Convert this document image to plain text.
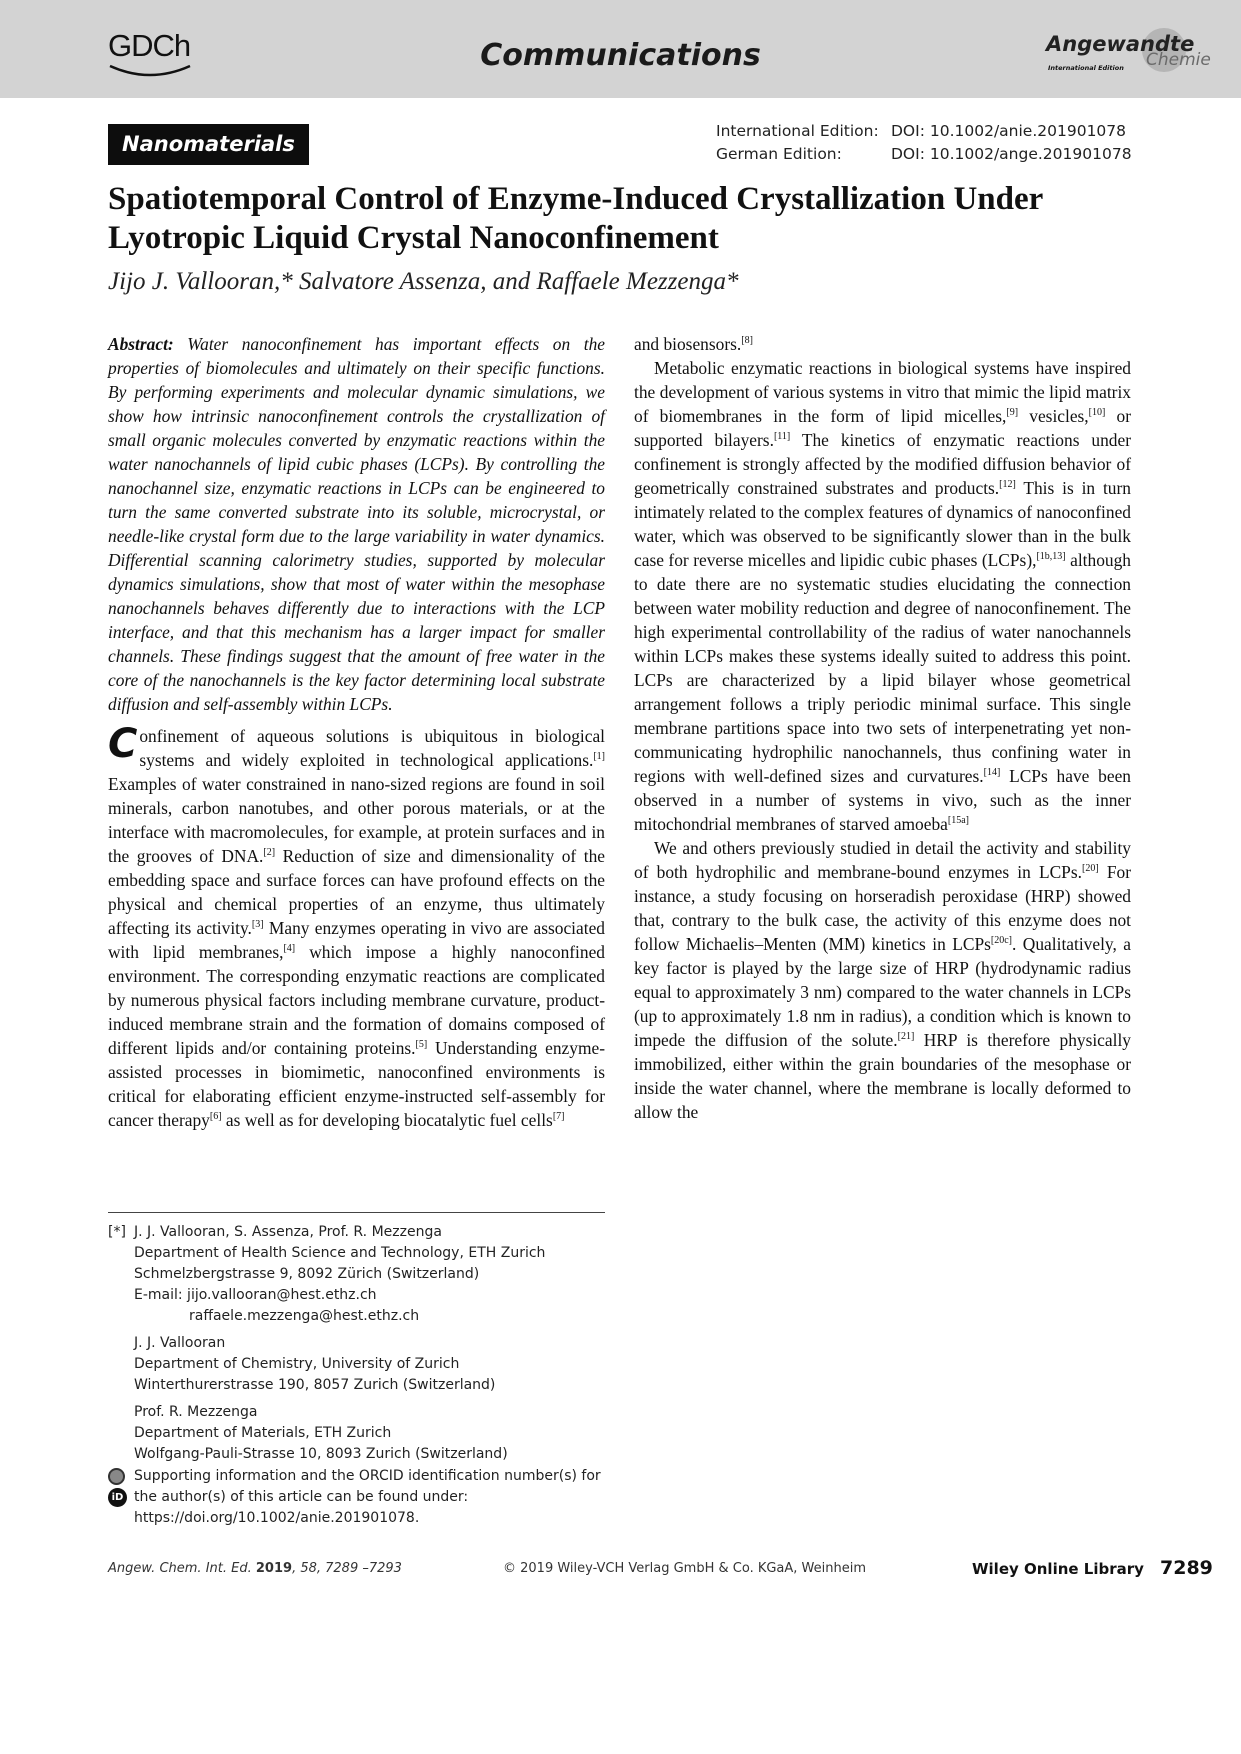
GDCh	Communications	Angewandte
Chemie
International Edition
Nanomaterials
International Edition: DOI: 10.1002/anie.201901078
German Edition:	DOI: 10.1002/ange.201901078
Spatiotemporal Control of Enzyme-Induced Crystallization Under
Lyotropic Liquid Crystal Nanoconfinement
Jijo J. Vallooran,* Salvatore Assenza, and Raffaele Mezzenga*

Abstract: Water nanoconfinement has important effects on the properties of biomolecules and ultimately on their specific functions. By performing experiments and molecular dynamic simulations, we show how intrinsic nanoconfinement controls the crystallization of small organic molecules converted by enzymatic reactions within the water nanochannels of lipid cubic phases (LCPs). By controlling the nanochannel size, enzymatic reactions in LCPs can be engineered to turn the same converted substrate into its soluble, microcrystal, or needle-like crystal form due to the large variability in water dynamics. Differential scanning calorimetry studies, supported by molecular dynamics simulations, show that most of water within the mesophase nanochannels behaves differently due to interactions with the LCP interface, and that this mechanism has a larger impact for smaller channels. These findings suggest that the amount of free water in the core of the nanochannels is the key factor determining local substrate diffusion and self-assembly within LCPs.

Confinement of aqueous solutions is ubiquitous in biological systems and widely exploited in technological applications.[1] Examples of water constrained in nano-sized regions are found in soil minerals, carbon nanotubes, and other porous materials, or at the interface with macromolecules, for example, at protein surfaces and in the grooves of DNA.[2] Reduction of size and dimensionality of the embedding space and surface forces can have profound effects on the physical and chemical properties of an enzyme, thus ultimately affecting its activity.[3] Many enzymes operating in vivo are associated with lipid membranes,[4] which impose a highly nanoconfined environment. The corresponding enzymatic reactions are complicated by numerous physical factors including membrane curvature, product-induced membrane strain and the formation of domains composed of different lipids and/or containing proteins.[5] Understanding enzyme-assisted processes in biomimetic, nanoconfined environments is critical for elaborating efficient enzyme-instructed self-assembly for cancer therapy[6] as well as for developing biocatalytic fuel cells[7]

and biosensors.[8]

Metabolic enzymatic reactions in biological systems have inspired the development of various systems in vitro that mimic the lipid matrix of biomembranes in the form of lipid micelles,[9] vesicles,[10] or supported bilayers.[11] The kinetics of enzymatic reactions under confinement is strongly affected by the modified diffusion behavior of geometrically constrained substrates and products.[12] This is in turn intimately related to the complex features of dynamics of nanoconfined water, which was observed to be significantly slower than in the bulk case for reverse micelles and lipidic cubic phases (LCPs),[1b,13] although to date there are no systematic studies elucidating the connection between water mobility reduction and degree of nanoconfinement. The high experimental controllability of the radius of water nanochannels within LCPs makes these systems ideally suited to address this point. LCPs are characterized by a lipid bilayer whose geometrical arrangement follows a triply periodic minimal surface. This single membrane partitions space into two sets of interpenetrating yet non-communicating hydrophilic nanochannels, thus confining water in regions with well-defined sizes and curvatures.[14] LCPs have been observed in a number of systems in vivo, such as the inner mitochondrial membranes of starved amoeba[15a]

We and others previously studied in detail the activity and stability of both hydrophilic and membrane-bound enzymes in LCPs.[20] For instance, a study focusing on horseradish peroxidase (HRP) showed that, contrary to the bulk case, the activity of this enzyme does not follow Michaelis–Menten (MM) kinetics in LCPs[20c]. Qualitatively, a key factor is played by the large size of HRP (hydrodynamic radius equal to approximately 3 nm) compared to the water channels in LCPs (up to approximately 1.8 nm in radius), a condition which is known to impede the diffusion of the solute.[21] HRP is therefore physically immobilized, either within the grain boundaries of the mesophase or inside the water channel, where the membrane is locally deformed to allow the

[*] J. J. Vallooran, S. Assenza, Prof. R. Mezzenga
Department of Health Science and Technology, ETH Zurich
Schmelzbergstrasse 9, 8092 Zürich (Switzerland)
E-mail: jijo.vallooran@hest.ethz.ch
raffaele.mezzenga@hest.ethz.ch
J. J. Vallooran
Department of Chemistry, University of Zurich
Winterthurerstrasse 190, 8057 Zurich (Switzerland)
Prof. R. Mezzenga
Department of Materials, ETH Zurich
Wolfgang-Pauli-Strasse 10, 8093 Zurich (Switzerland)
iD
Supporting information and the ORCID identification number(s) for
the author(s) of this article can be found under:
https://doi.org/10.1002/anie.201901078.
Angew. Chem. Int. Ed. 2019, 58, 7289 –7293	© 2019 Wiley-VCH Verlag GmbH & Co. KGaA, Weinheim	Wiley Online Library 7289
